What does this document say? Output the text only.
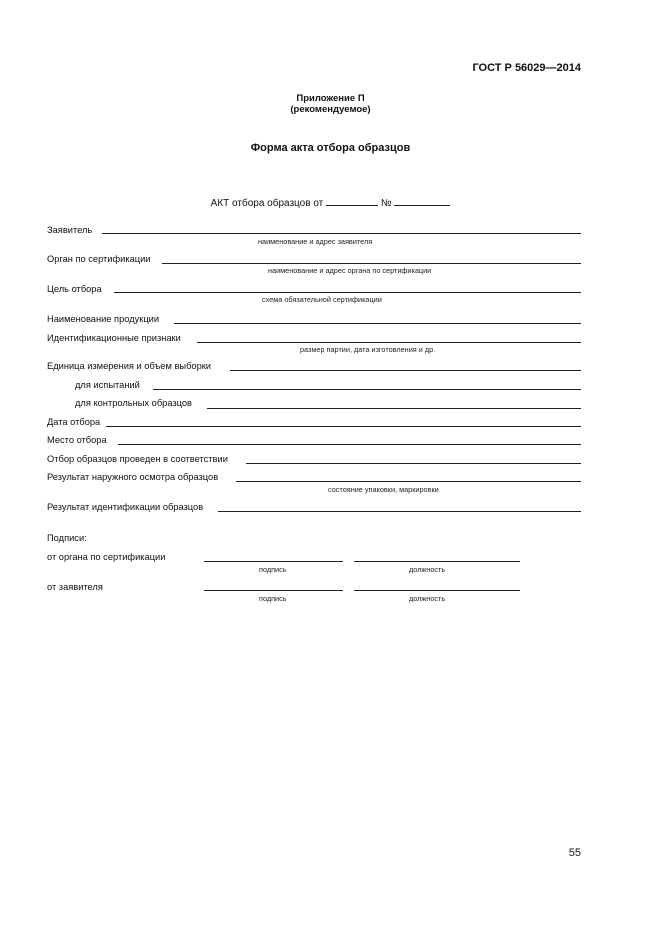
ГОСТ Р 56029—2014
Приложение П
(рекомендуемое)
Форма акта отбора образцов
АКТ отбора образцов от	№
Заявитель
наименование и адрес заявителя
Орган по сертификации
наименование и адрес органа по сертификации
Цель отбора
схема обязательной сертификации
Наименование продукции
Идентификационные признаки
размер партии, дата изготовления и др.
Единица измерения и объем выборки
для испытаний
для контрольных образцов
Дата отбора
Место отбора
Отбор образцов проведен в соответствии
Результат наружного осмотра образцов
состояние упаковки, маркировки
Результат идентификации образцов
Подписи:
от органа по сертификации
подпись	должность
от заявителя
подпись	должность
55
